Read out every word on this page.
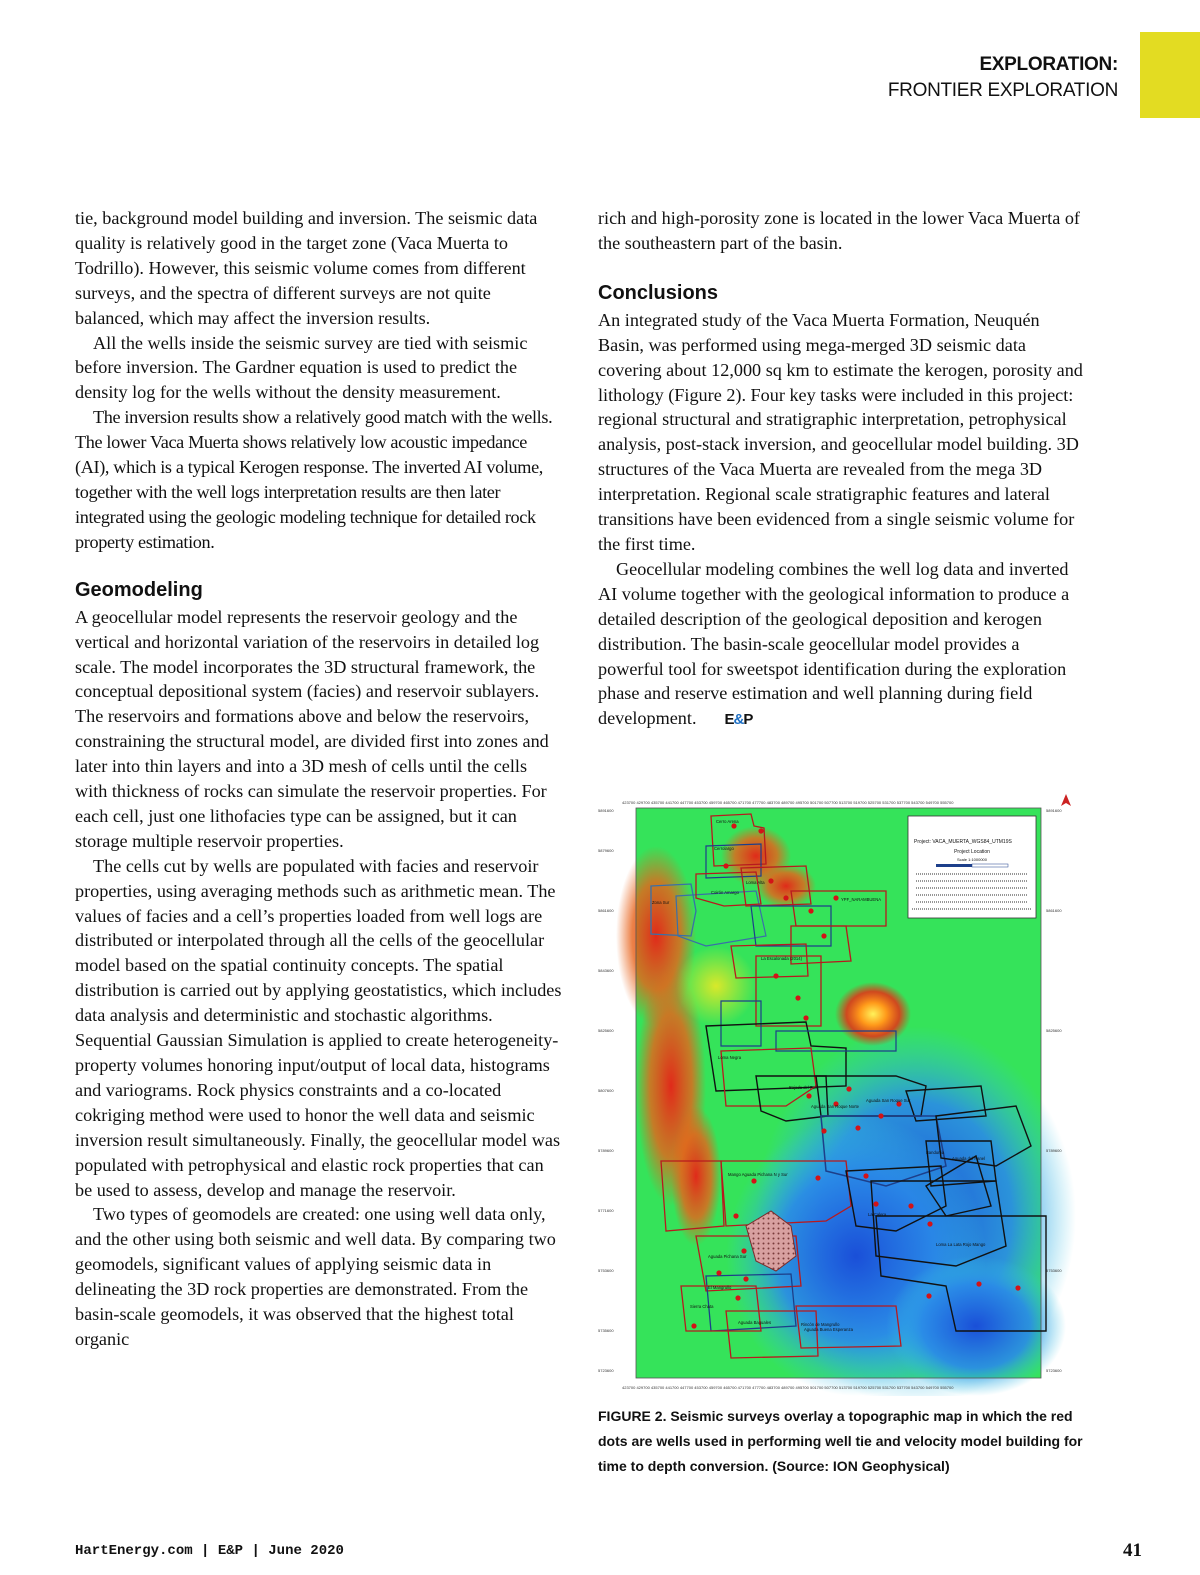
EXPLORATION:
FRONTIER EXPLORATION

tie, background model building and inversion. The seismic data quality is relatively good in the target zone (Vaca Muerta to Todrillo). However, this seismic volume comes from different surveys, and the spectra of different surveys are not quite balanced, which may affect the inversion results.

All the wells inside the seismic survey are tied with seismic before inversion. The Gardner equation is used to predict the density log for the wells without the density measurement.

The inversion results show a relatively good match with the wells. The lower Vaca Muerta shows relatively low acoustic impedance (AI), which is a typical Kerogen response. The inverted AI volume, together with the well logs interpretation results are then later integrated using the geologic modeling technique for detailed rock property estimation.

Geomodeling

A geocellular model represents the reservoir geology and the vertical and horizontal variation of the reservoirs in detailed log scale. The model incorporates the 3D structural framework, the conceptual depositional system (facies) and reservoir sublayers. The reservoirs and formations above and below the reservoirs, constraining the structural model, are divided first into zones and later into thin layers and into a 3D mesh of cells until the cells with thickness of rocks can simulate the reservoir properties. For each cell, just one lithofacies type can be assigned, but it can storage multiple reservoir properties.

The cells cut by wells are populated with facies and reservoir properties, using averaging methods such as arithmetic mean. The values of facies and a cell’s properties loaded from well logs are distributed or interpolated through all the cells of the geocellular model based on the spatial continuity concepts. The spatial distribution is carried out by applying geostatistics, which includes data analysis and deterministic and stochastic algorithms. Sequential Gaussian Simulation is applied to create heterogeneity-property volumes honoring input/output of local data, histograms and variograms. Rock physics constraints and a co-located cokriging method were used to honor the well data and seismic inversion result simultaneously. Finally, the geocellular model was populated with petrophysical and elastic rock properties that can be used to assess, develop and manage the reservoir.

Two types of geomodels are created: one using well data only, and the other using both seismic and well data. By comparing two geomodels, significant values of applying seismic data in delineating the 3D rock properties are demonstrated. From the basin-scale geomodels, it was observed that the highest total organic

rich and high-porosity zone is located in the lower Vaca Muerta of the southeastern part of the basin.

Conclusions

An integrated study of the Vaca Muerta Formation, Neuquén Basin, was performed using mega-merged 3D seismic data covering about 12,000 sq km to estimate the kerogen, porosity and lithology (Figure 2). Four key tasks were included in this project: regional structural and stratigraphic interpretation, petrophysical analysis, post-stack inversion, and geocellular model building. 3D structures of the Vaca Muerta are revealed from the mega 3D interpretation. Regional scale stratigraphic features and lateral transitions have been evidenced from a single seismic volume for the first time.

Geocellular modeling combines the well log data and inverted AI volume together with the geological information to produce a detailed description of the geological deposition and kerogen distribution. The basin-scale geocellular model provides a powerful tool for sweetspot identification during the exploration phase and reserve estimation and well planning during field development. E&P

5891600
5879600
5861600
5843600
5825600
5807600
5789600
5771600
5753600
5735600
5723600
5891600
5861600
5825600
5789600
5753600
5723600
423700 429700 435700 441700 447700 453700 459700 465700 471700 477700 483700 489700 495700 501700 507700 513700 519700 525700 531700 537700 543700 549700 555700
423700 429700 435700 441700 447700 453700 459700 465700 471700 477700 483700 489700 495700 501700 507700 513700 519700 525700 531700 537700 543700 549700 555700
Project: VACA_MUERTA_WGS84_UTM19S
Project Location
Scale 1:1000000
Cerro Arena
Cerrolargo
Zona Sur
Loma Alta
Coirón Amargo
YPF_NARAMBUENA
Loma Negra
La Escalonada (2014)
Bajada del Palo
Aguada San Roque Norte
Aguada San Roque Sur
Bandurria
Aguada del Panel
Mango Aguada Pichana N y Sur
La Calera
Loma La Lata Rojo Mango
Aguada Pichana Sur
El Mangrullo
Sierra Chata
Aguada Baguales	Rincón de Mangrullo
Aguada Buena Esperanza
FIGURE 2. Seismic surveys overlay a topographic map in which the red dots are wells used in performing well tie and velocity model building for time to depth conversion. (Source: ION Geophysical)
HartEnergy.com | E&P | June 2020	41
